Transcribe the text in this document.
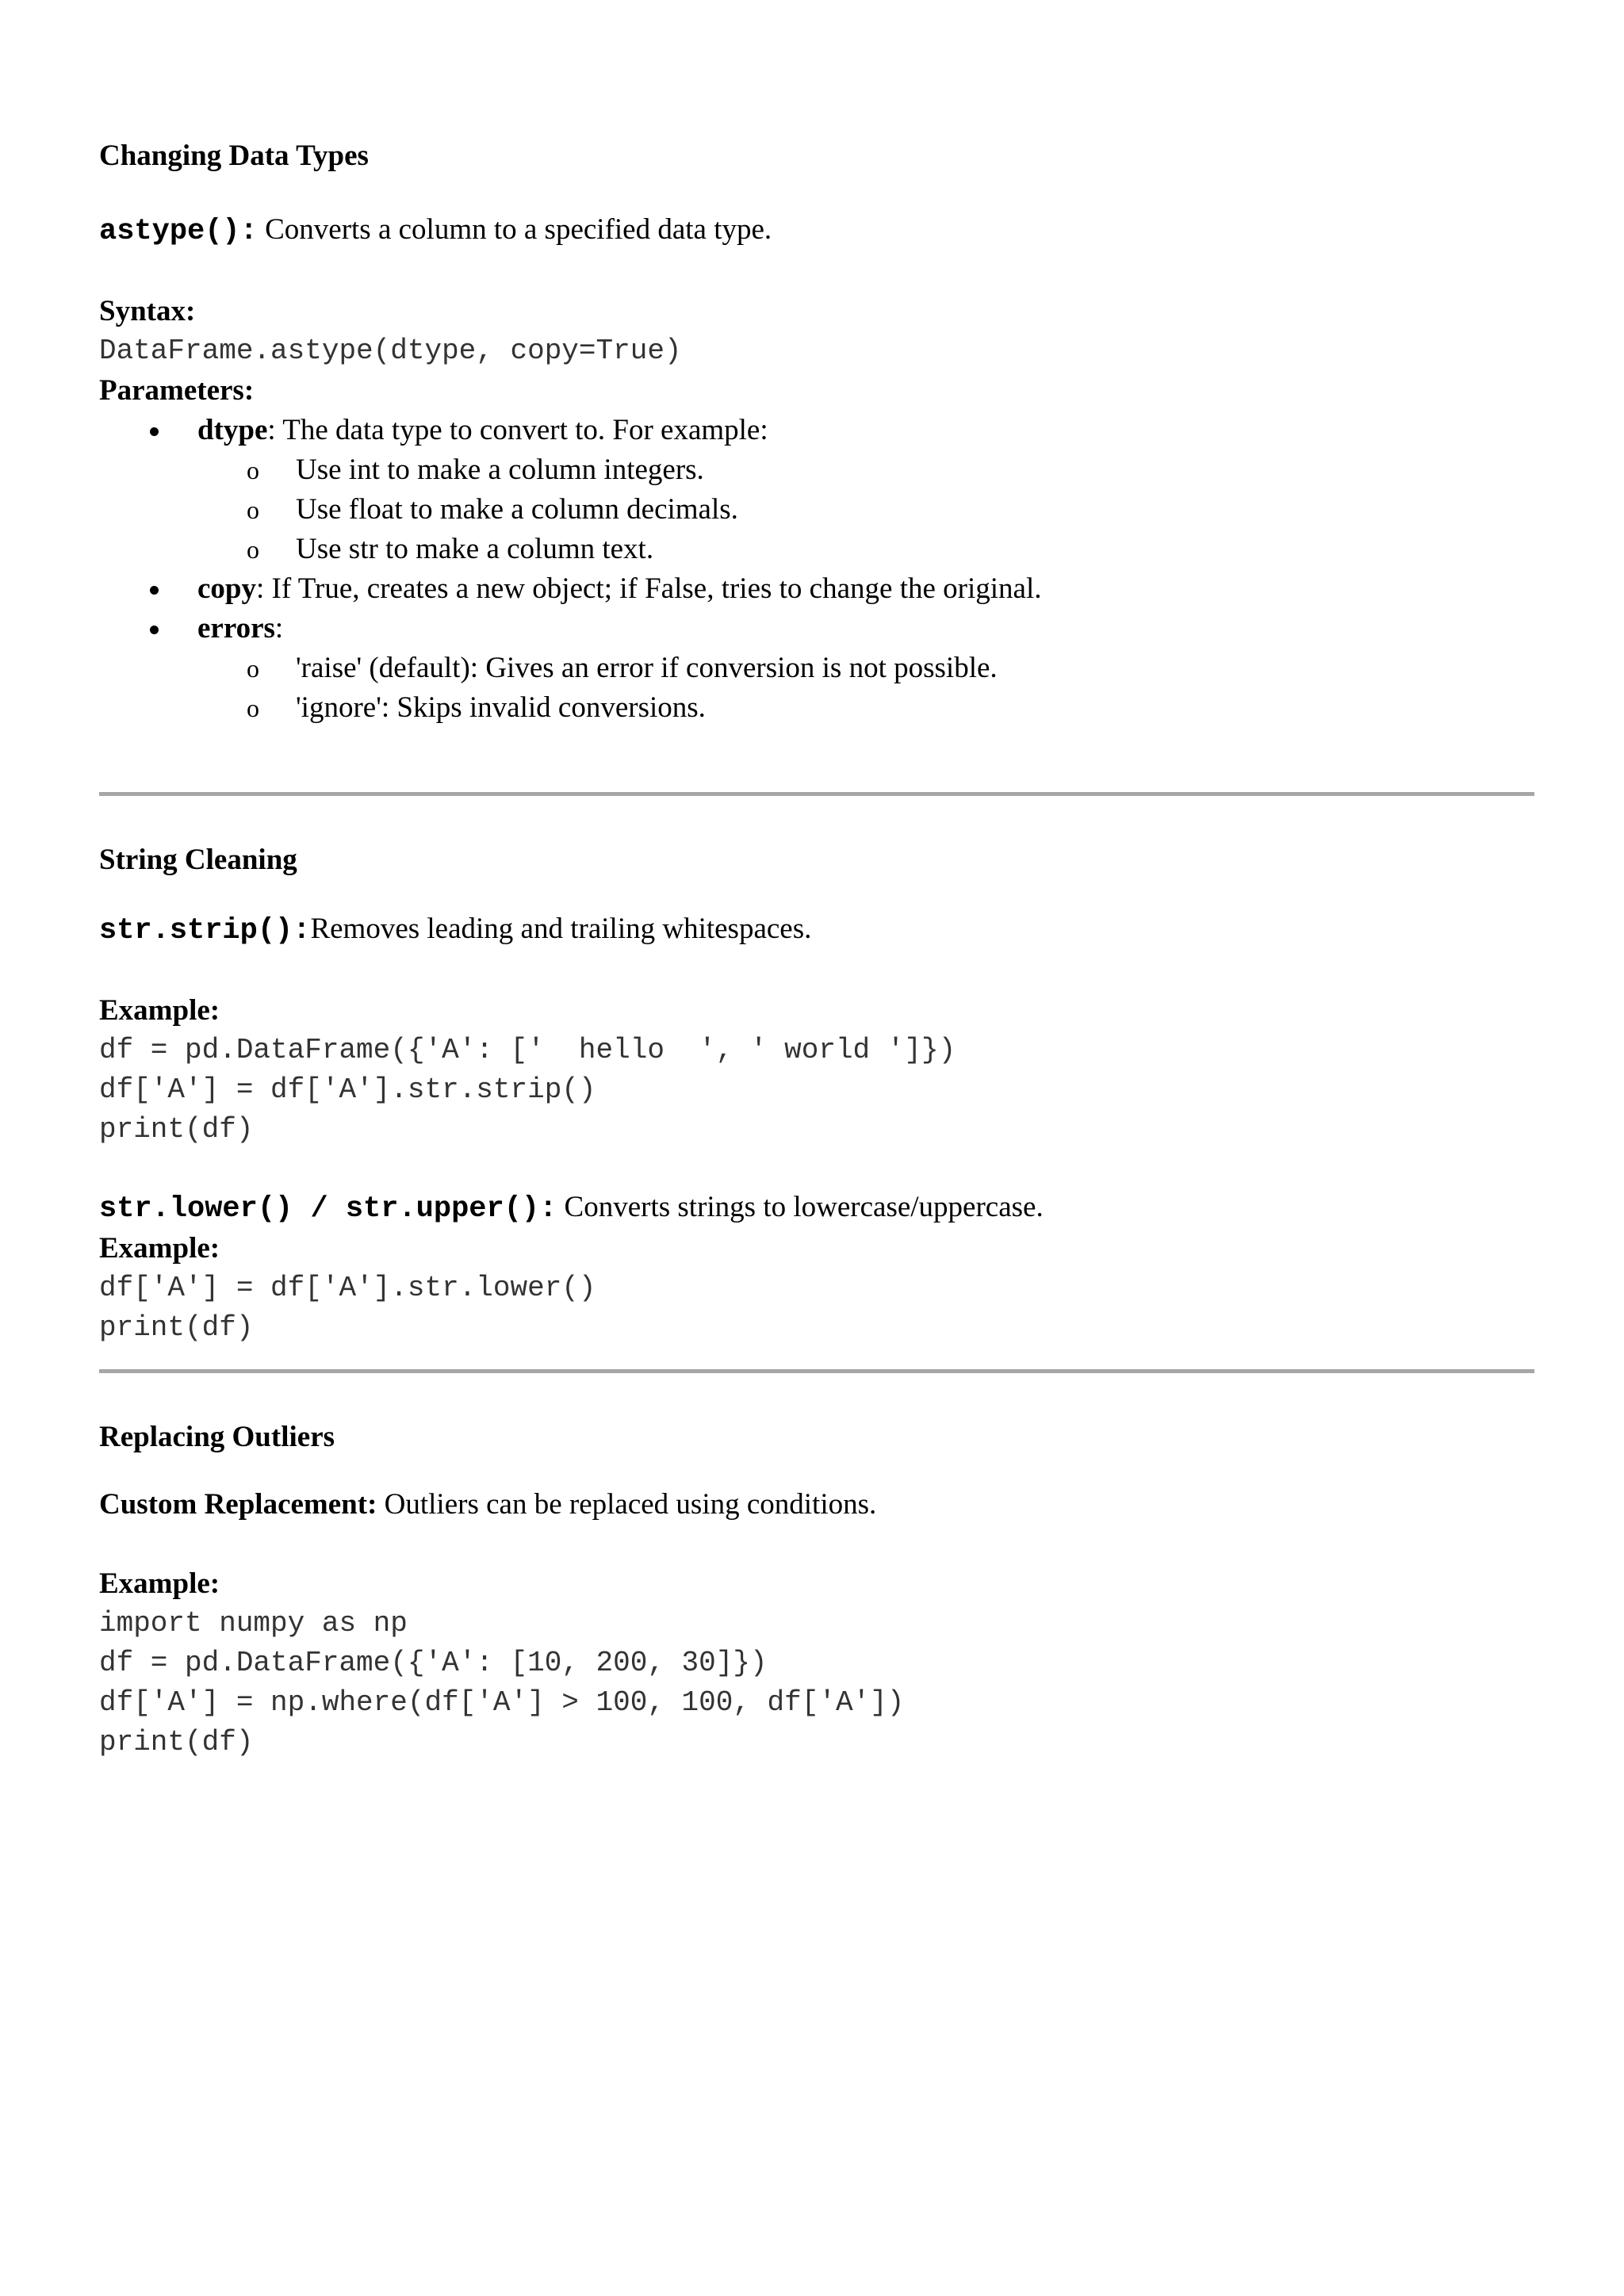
Changing Data Types

astype(): Converts a column to a specified data type.

Syntax:

DataFrame.astype(dtype, copy=True)

Parameters:

dtype: The data type to convert to. For example:
o Use int to make a column integers.
o Use float to make a column decimals.
o Use str to make a column text.
copy: If True, creates a new object; if False, tries to change the original.
errors:
o 'raise' (default): Gives an error if conversion is not possible.
o 'ignore': Skips invalid conversions.

String Cleaning

str.strip():Removes leading and trailing whitespaces.

Example:

df = pd.DataFrame({'A': ['  hello  ', ' world ']})
df['A'] = df['A'].str.strip()
print(df)

str.lower() / str.upper(): Converts strings to lowercase/uppercase.

Example:

df['A'] = df['A'].str.lower()
print(df)

Replacing Outliers

Custom Replacement: Outliers can be replaced using conditions.

Example:

import numpy as np
df = pd.DataFrame({'A': [10, 200, 30]})
df['A'] = np.where(df['A'] > 100, 100, df['A'])
print(df)
